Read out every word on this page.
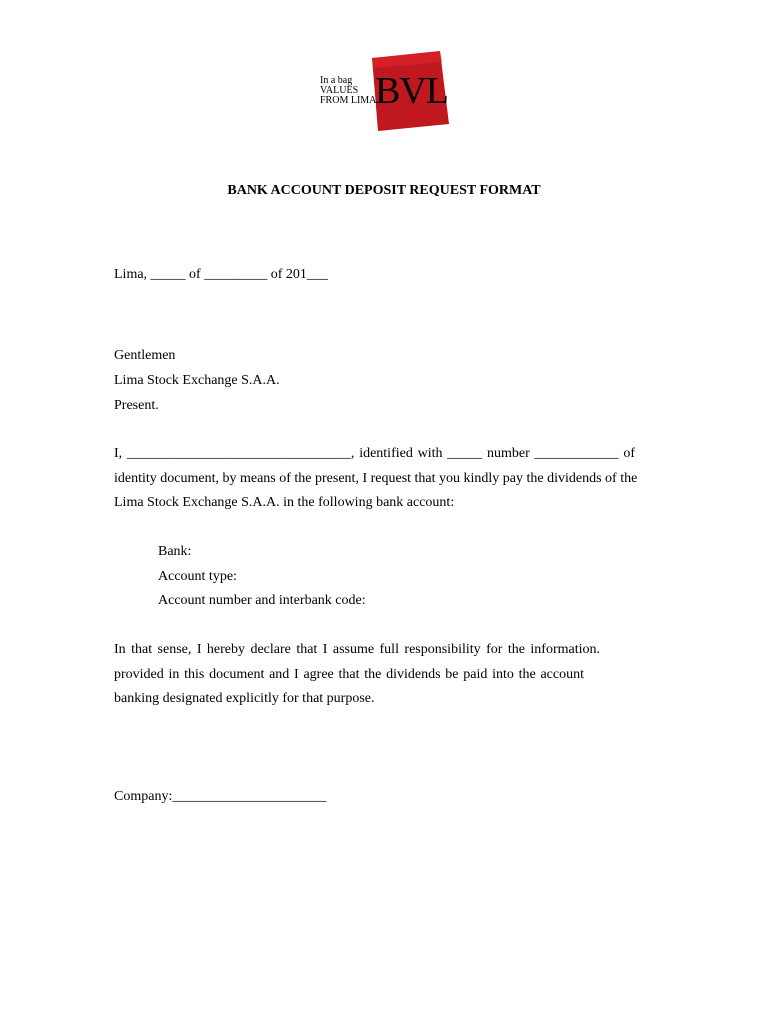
In a bag
VALUES
FROM LIMA
BVL
BANK ACCOUNT DEPOSIT REQUEST FORMAT
Lima, _____ of _________ of 201___
Gentlemen
Lima Stock Exchange S.A.A.
Present.
I, ________________________________, identified with _____ number ____________ of
identity document, by means of the present, I request that you kindly pay the dividends of the
Lima Stock Exchange S.A.A. in the following bank account:
Bank:
Account type:
Account number and interbank code:
In that sense, I hereby declare that I assume full responsibility for the information.
provided in this document and I agree that the dividends be paid into the account
banking designated explicitly for that purpose.
Company:______________________
